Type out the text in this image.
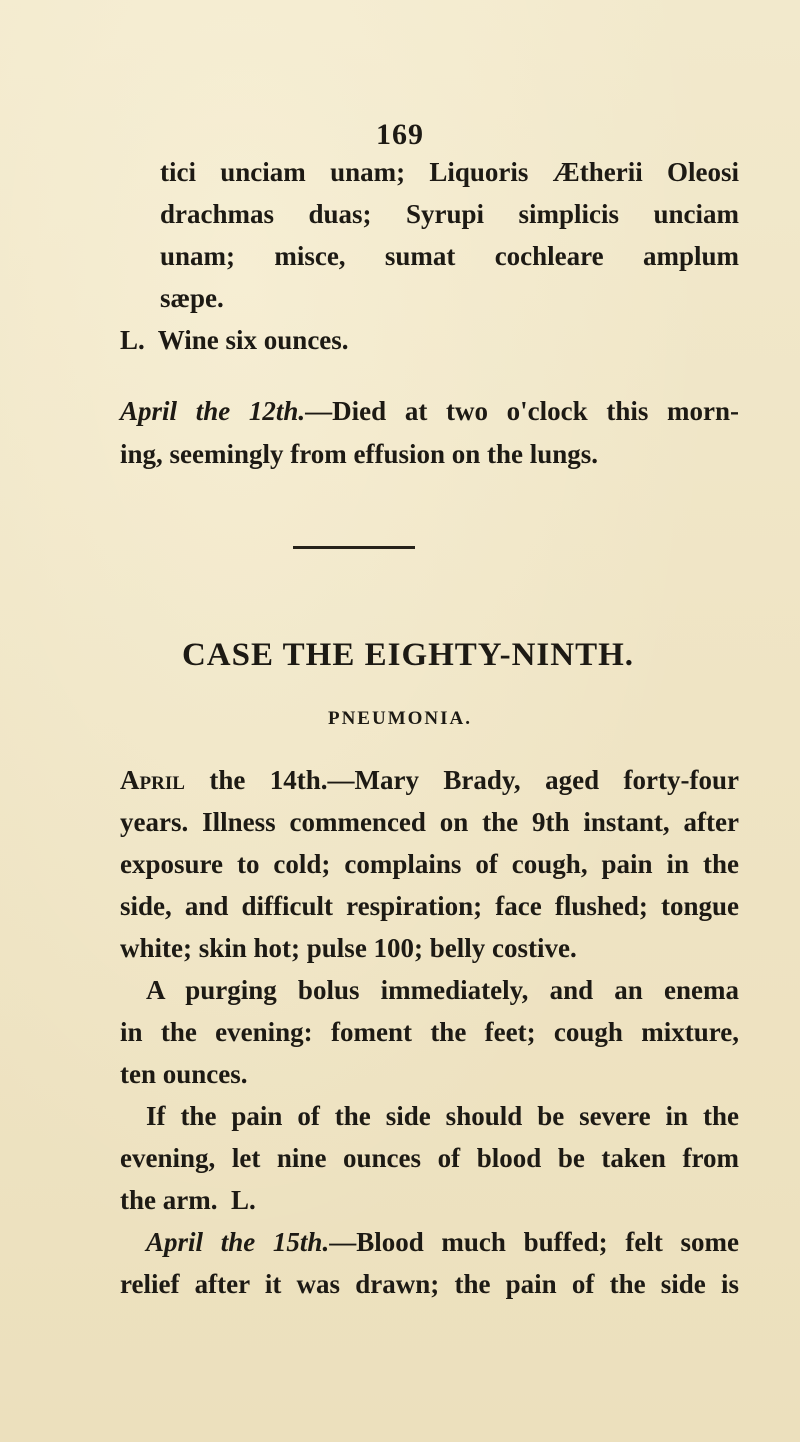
169
tici unciam unam; Liquoris Ætherii Oleosi
drachmas duas; Syrupi simplicis unciam
unam; misce, sumat cochleare amplum
sæpe.
L.  Wine six ounces.
April the 12th.—Died at two o'clock this morn-
ing, seemingly from effusion on the lungs.
CASE THE EIGHTY-NINTH.
PNEUMONIA.
April the 14th.—Mary Brady, aged forty-four
years. Illness commenced on the 9th instant, after
exposure to cold; complains of cough, pain in the
side, and difficult respiration; face flushed; tongue
white; skin hot; pulse 100; belly costive.
A purging bolus immediately, and an enema
in the evening: foment the feet; cough mixture,
ten ounces.
If the pain of the side should be severe in the
evening, let nine ounces of blood be taken from
the arm.  L.
April the 15th.—Blood much buffed; felt some
relief after it was drawn; the pain of the side is
